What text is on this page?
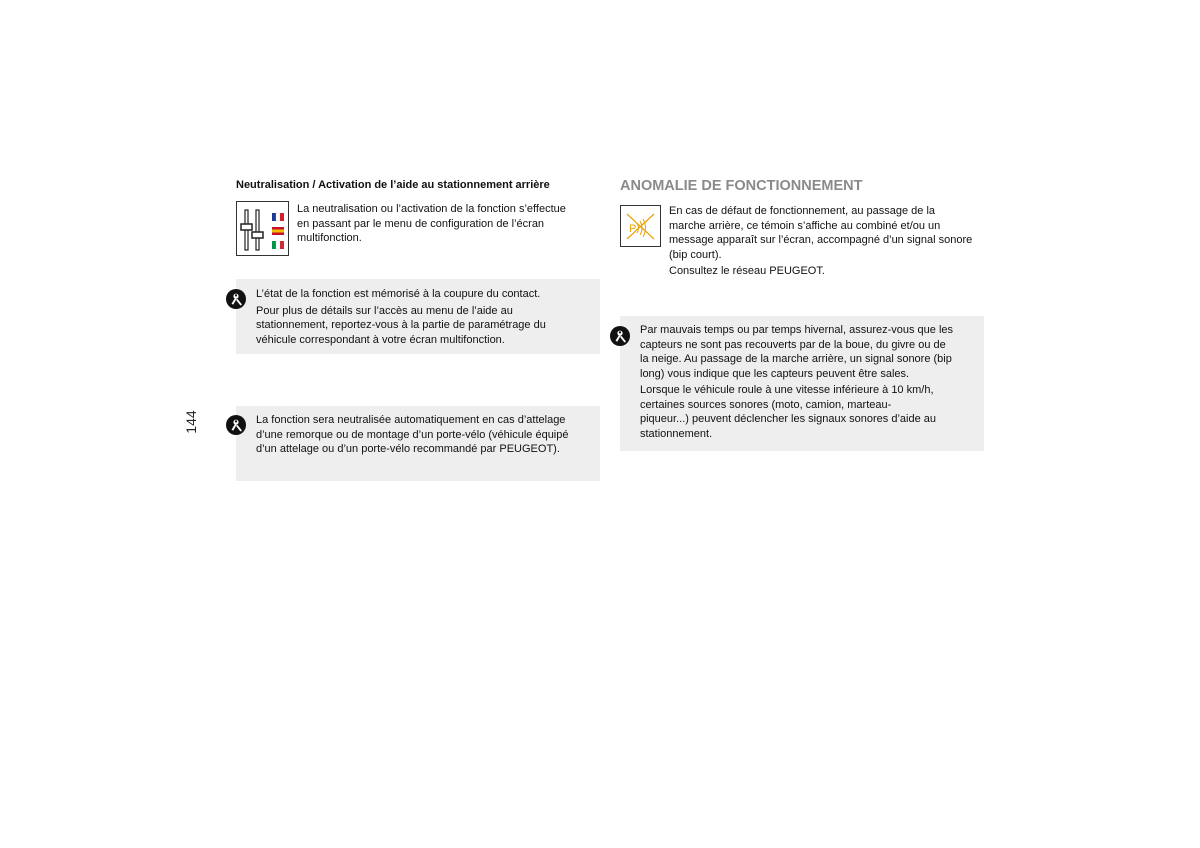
144
Neutralisation / Activation de l’aide au stationnement arrière
La neutralisation ou l’activation de la fonction s’effectue
en passant par le menu de configuration de l’écran
multifonction.

L’état de la fonction est mémorisé à la coupure du contact.

Pour plus de détails sur l’accès au menu de l’aide au
stationnement, reportez-vous à la partie de paramétrage du
véhicule correspondant à votre écran multifonction.
La fonction sera neutralisée automatiquement en cas d’attelage
d’une remorque ou de montage d’un porte-vélo (véhicule équipé
d’un attelage ou d’un porte-vélo recommandé par PEUGEOT).
ANOMALIE DE FONCTIONNEMENT
P
En cas de défaut de fonctionnement, au passage de la
marche arrière, ce témoin s’affiche au combiné et/ou un
message apparaît sur l’écran, accompagné d’un signal sonore

(bip court).

Consultez le réseau PEUGEOT.
Par mauvais temps ou par temps hivernal, assurez-vous que les
capteurs ne sont pas recouverts par de la boue, du givre ou de
la neige. Au passage de la marche arrière, un signal sonore (bip

long) vous indique que les capteurs peuvent être sales.

Lorsque le véhicule roule à une vitesse inférieure à 10 km/h,
certaines sources sonores (moto, camion, marteau-
piqueur...) peuvent déclencher les signaux sonores d’aide au
stationnement.
